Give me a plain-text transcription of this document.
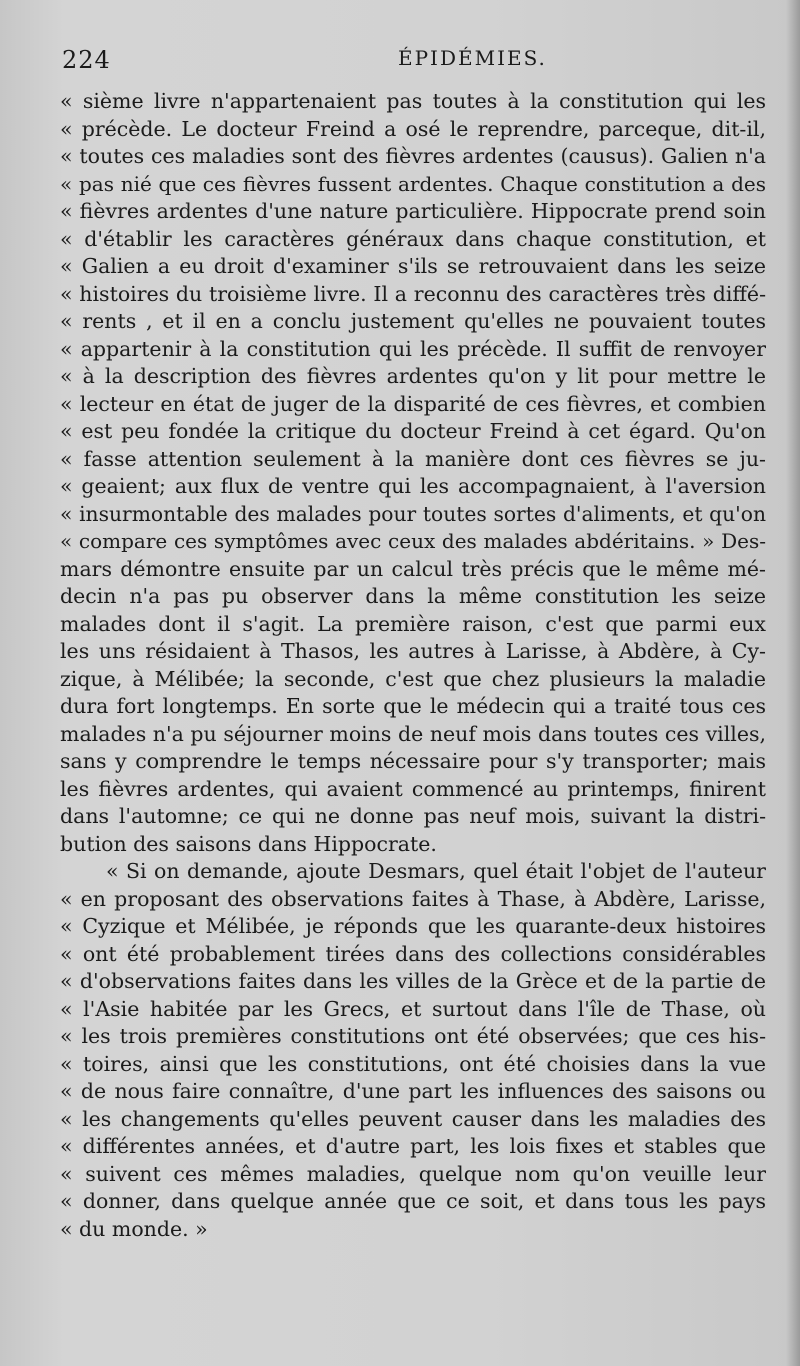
224	ÉPIDÉMIES.
« sième livre n'appartenaient pas toutes à la constitution qui les
« précède. Le docteur Freind a osé le reprendre, parceque, dit-il,
« toutes ces maladies sont des fièvres ardentes (causus). Galien n'a
« pas nié que ces fièvres fussent ardentes. Chaque constitution a des
« fièvres ardentes d'une nature particulière. Hippocrate prend soin
« d'établir les caractères généraux dans chaque constitution, et
« Galien a eu droit d'examiner s'ils se retrouvaient dans les seize
« histoires du troisième livre. Il a reconnu des caractères très diffé-
« rents , et il en a conclu justement qu'elles ne pouvaient toutes
« appartenir à la constitution qui les précède. Il suffit de renvoyer
« à la description des fièvres ardentes qu'on y lit pour mettre le
« lecteur en état de juger de la disparité de ces fièvres, et combien
« est peu fondée la critique du docteur Freind à cet égard. Qu'on
« fasse attention seulement à la manière dont ces fièvres se ju-
« geaient; aux flux de ventre qui les accompagnaient, à l'aversion
« insurmontable des malades pour toutes sortes d'aliments, et qu'on
« compare ces symptômes avec ceux des malades abdéritains. » Des-
mars démontre ensuite par un calcul très précis que le même mé-
decin n'a pas pu observer dans la même constitution les seize
malades dont il s'agit. La première raison, c'est que parmi eux
les uns résidaient à Thasos, les autres à Larisse, à Abdère, à Cy-
zique, à Mélibée; la seconde, c'est que chez plusieurs la maladie
dura fort longtemps. En sorte que le médecin qui a traité tous ces
malades n'a pu séjourner moins de neuf mois dans toutes ces villes,
sans y comprendre le temps nécessaire pour s'y transporter; mais
les fièvres ardentes, qui avaient commencé au printemps, finirent
dans l'automne; ce qui ne donne pas neuf mois, suivant la distri-
bution des saisons dans Hippocrate.
« Si on demande, ajoute Desmars, quel était l'objet de l'auteur
« en proposant des observations faites à Thase, à Abdère, Larisse,
« Cyzique et Mélibée, je réponds que les quarante-deux histoires
« ont été probablement tirées dans des collections considérables
« d'observations faites dans les villes de la Grèce et de la partie de
« l'Asie habitée par les Grecs, et surtout dans l'île de Thase, où
« les trois premières constitutions ont été observées; que ces his-
« toires, ainsi que les constitutions, ont été choisies dans la vue
« de nous faire connaître, d'une part les influences des saisons ou
« les changements qu'elles peuvent causer dans les maladies des
« différentes années, et d'autre part, les lois fixes et stables que
« suivent ces mêmes maladies, quelque nom qu'on veuille leur
« donner, dans quelque année que ce soit, et dans tous les pays
« du monde. »
